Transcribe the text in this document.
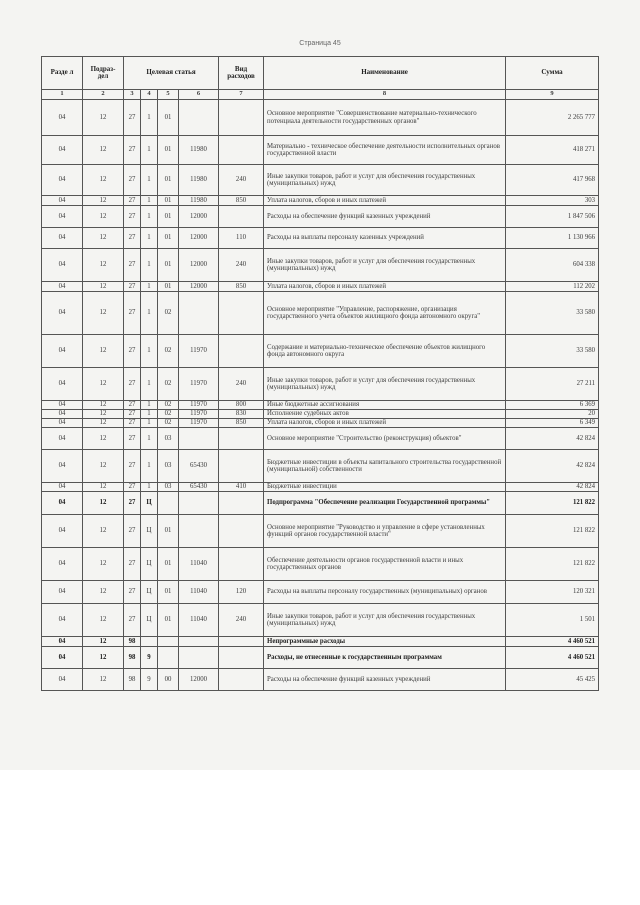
Страница 45
Разде л	Подраз- дел	Целевая статья				Вид расходов	Наименование	Сумма
1	2	3	4	5	6	7	8	9
04	12	27	1	01			Основное мероприятие "Совершенствование материально-технического потенциала деятельности государственных органов"	2 265 777
04	12	27	1	01	11980		Материально - техническое обеспечение деятельности исполнительных органов государственной власти	418 271
04	12	27	1	01	11980	240	Иные закупки товаров, работ и услуг для обеспечения государственных (муниципальных) нужд	417 968
04	12	27	1	01	11980	850	Уплата налогов, сборов и иных платежей	303
04	12	27	1	01	12000		Расходы на обеспечение функций казенных учреждений	1 847 506
04	12	27	1	01	12000	110	Расходы на выплаты персоналу казенных учреждений	1 130 966
04	12	27	1	01	12000	240	Иные закупки товаров, работ и услуг для обеспечения государственных (муниципальных) нужд	604 338
04	12	27	1	01	12000	850	Уплата налогов, сборов и иных платежей	112 202
04	12	27	1	02			Основное мероприятие "Управление, распоряжение, организация государственного учета объектов жилищного фонда автономного округа"	33 580
04	12	27	1	02	11970		Содержание и материально-техническое обеспечение объектов жилищного фонда автономного округа	33 580
04	12	27	1	02	11970	240	Иные закупки товаров, работ и услуг для обеспечения государственных (муниципальных) нужд	27 211
04	12	27	1	02	11970	800	Иные бюджетные ассигнования	6 369
04	12	27	1	02	11970	830	Исполнение судебных актов	20
04	12	27	1	02	11970	850	Уплата налогов, сборов и иных платежей	6 349
04	12	27	1	03			Основное мероприятие "Строительство (реконструкция) объектов"	42 824
04	12	27	1	03	65430		Бюджетные инвестиции в объекты капитального строительства государственной (муниципальной) собственности	42 824
04	12	27	1	03	65430	410	Бюджетные инвестиции	42 824
04	12	27	Ц				Подпрограмма "Обеспечение реализации Государственной программы"	121 822
04	12	27	Ц	01			Основное мероприятие "Руководство и управление в сфере установленных функций органов государственной власти"	121 822
04	12	27	Ц	01	11040		Обеспечение деятельности органов государственной власти и иных государственных органов	121 822
04	12	27	Ц	01	11040	120	Расходы на выплаты персоналу государственных (муниципальных) органов	120 321
04	12	27	Ц	01	11040	240	Иные закупки товаров, работ и услуг для обеспечения государственных (муниципальных) нужд	1 501
04	12	98					Непрограммные расходы	4 460 521
04	12	98	9				Расходы, не отнесенные к государственным программам	4 460 521
04	12	98	9	00	12000		Расходы на обеспечение функций казенных учреждений	45 425
